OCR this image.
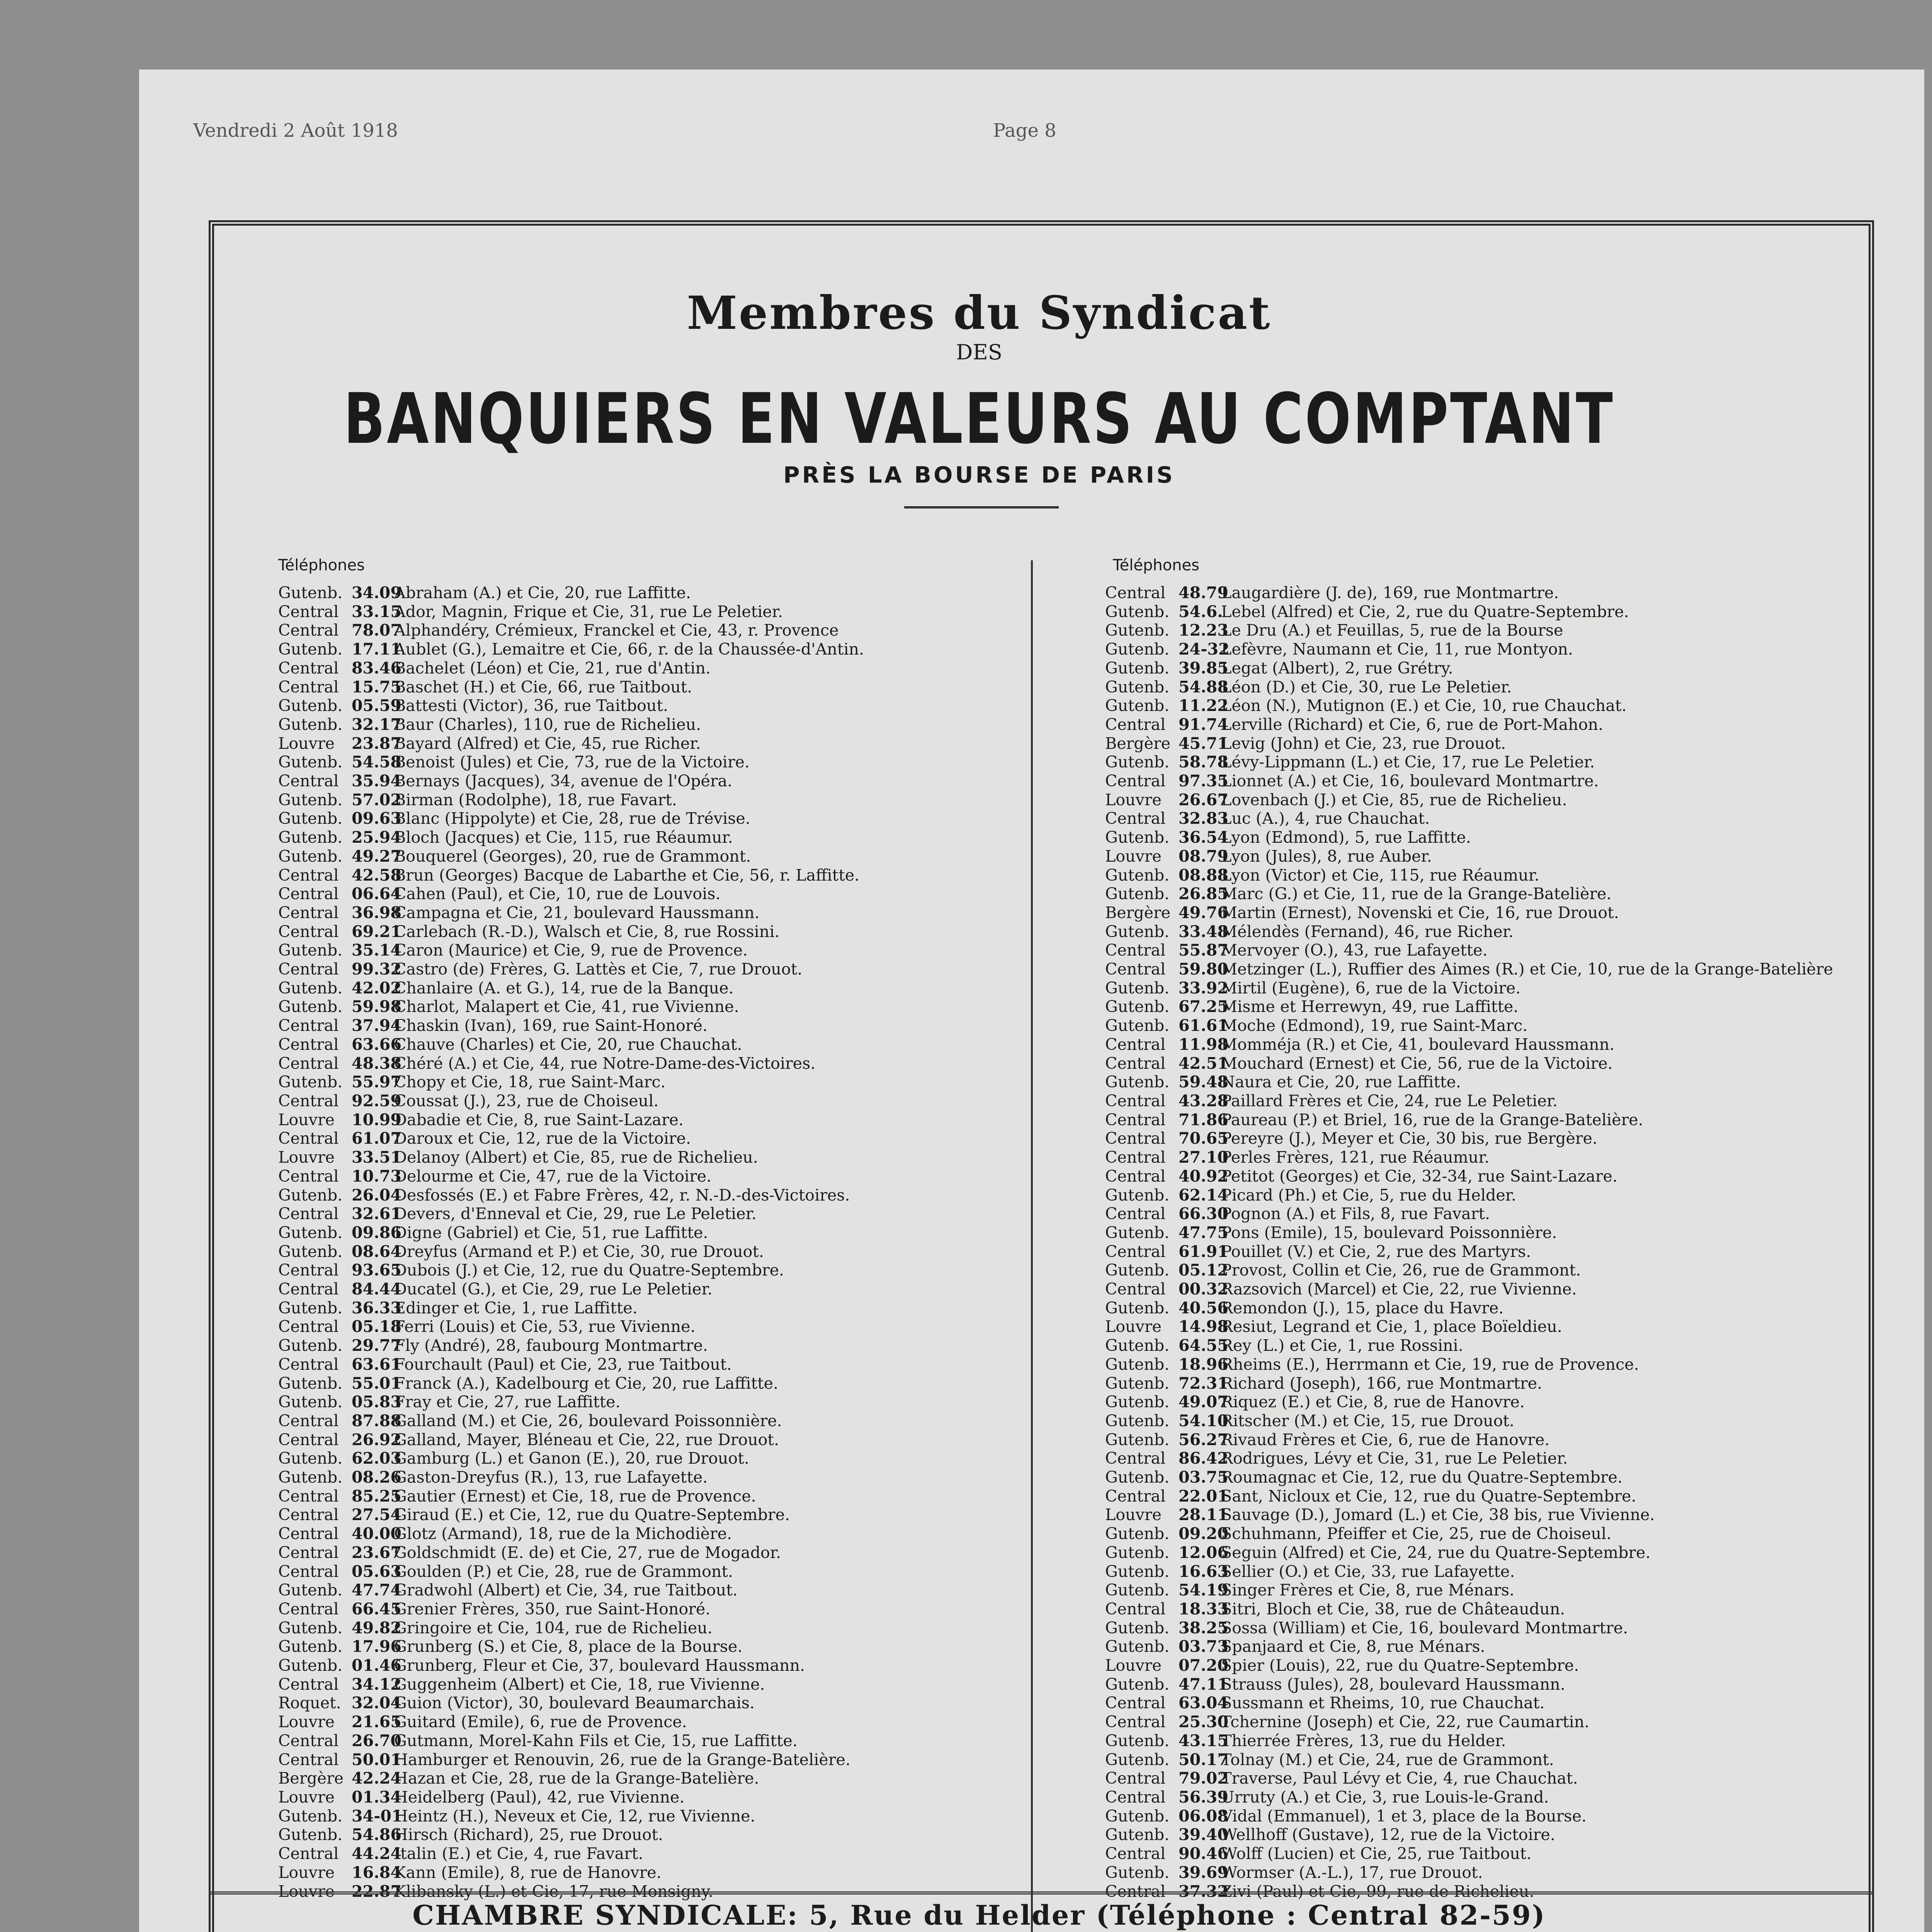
Vendredi 2 Août 1918	Page 8
Membres du Syndicat
DES
BANQUIERS EN VALEURS AU COMPTANT
PRÈS LA BOURSE DE PARIS
Téléphones	Téléphones
Gutenb. 34.09Abraham (A.) et Cie, 20, rue Laffitte.
Central 33.15Ador, Magnin, Frique et Cie, 31, rue Le Peletier.
Central 78.07Alphandéry, Crémieux, Franckel et Cie, 43, r. Provence
Gutenb. 17.11Aublet (G.), Lemaitre et Cie, 66, r. de la Chaussée-d'Antin.
Central 83.46Bachelet (Léon) et Cie, 21, rue d'Antin.
Central 15.75Baschet (H.) et Cie, 66, rue Taitbout.
Gutenb. 05.59Battesti (Victor), 36, rue Taitbout.
Gutenb. 32.17Baur (Charles), 110, rue de Richelieu.
Louvre 23.87Bayard (Alfred) et Cie, 45, rue Richer.
Gutenb. 54.58Benoist (Jules) et Cie, 73, rue de la Victoire.
Central 35.94Bernays (Jacques), 34, avenue de l'Opéra.
Gutenb. 57.02Birman (Rodolphe), 18, rue Favart.
Gutenb. 09.63Blanc (Hippolyte) et Cie, 28, rue de Trévise.
Gutenb. 25.94Bloch (Jacques) et Cie, 115, rue Réaumur.
Gutenb. 49.27Bouquerel (Georges), 20, rue de Grammont.
Central 42.58Brun (Georges) Bacque de Labarthe et Cie, 56, r. Laffitte.
Central 06.64Cahen (Paul), et Cie, 10, rue de Louvois.
Central 36.98Campagna et Cie, 21, boulevard Haussmann.
Central 69.21Carlebach (R.-D.), Walsch et Cie, 8, rue Rossini.
Gutenb. 35.14Caron (Maurice) et Cie, 9, rue de Provence.
Central 99.32Castro (de) Frères, G. Lattès et Cie, 7, rue Drouot.
Gutenb. 42.02Chanlaire (A. et G.), 14, rue de la Banque.
Gutenb. 59.98Charlot, Malapert et Cie, 41, rue Vivienne.
Central 37.94Chaskin (Ivan), 169, rue Saint-Honoré.
Central 63.66Chauve (Charles) et Cie, 20, rue Chauchat.
Central 48.38Chéré (A.) et Cie, 44, rue Notre-Dame-des-Victoires.
Gutenb. 55.97Chopy et Cie, 18, rue Saint-Marc.
Central 92.59Coussat (J.), 23, rue de Choiseul.
Louvre 10.99Dabadie et Cie, 8, rue Saint-Lazare.
Central 61.07Daroux et Cie, 12, rue de la Victoire.
Louvre 33.51Delanoy (Albert) et Cie, 85, rue de Richelieu.
Central 10.73Delourme et Cie, 47, rue de la Victoire.
Gutenb. 26.04Desfossés (E.) et Fabre Frères, 42, r. N.-D.-des-Victoires.
Central 32.61Devers, d'Enneval et Cie, 29, rue Le Peletier.
Gutenb. 09.86Digne (Gabriel) et Cie, 51, rue Laffitte.
Gutenb. 08.64Dreyfus (Armand et P.) et Cie, 30, rue Drouot.
Central 93.65Dubois (J.) et Cie, 12, rue du Quatre-Septembre.
Central 84.44Ducatel (G.), et Cie, 29, rue Le Peletier.
Gutenb. 36.33Edinger et Cie, 1, rue Laffitte.
Central 05.18Ferri (Louis) et Cie, 53, rue Vivienne.
Gutenb. 29.77Fly (André), 28, faubourg Montmartre.
Central 63.61Fourchault (Paul) et Cie, 23, rue Taitbout.
Gutenb. 55.01Franck (A.), Kadelbourg et Cie, 20, rue Laffitte.
Gutenb. 05.83Fray et Cie, 27, rue Laffitte.
Central 87.88Galland (M.) et Cie, 26, boulevard Poissonnière.
Central 26.92Galland, Mayer, Bléneau et Cie, 22, rue Drouot.
Gutenb. 62.03Gamburg (L.) et Ganon (E.), 20, rue Drouot.
Gutenb. 08.26Gaston-Dreyfus (R.), 13, rue Lafayette.
Central 85.25Gautier (Ernest) et Cie, 18, rue de Provence.
Central 27.54Giraud (E.) et Cie, 12, rue du Quatre-Septembre.
Central 40.00Glotz (Armand), 18, rue de la Michodière.
Central 23.67Goldschmidt (E. de) et Cie, 27, rue de Mogador.
Central 05.63Goulden (P.) et Cie, 28, rue de Grammont.
Gutenb. 47.74Gradwohl (Albert) et Cie, 34, rue Taitbout.
Central 66.45Grenier Frères, 350, rue Saint-Honoré.
Gutenb. 49.82Gringoire et Cie, 104, rue de Richelieu.
Gutenb. 17.96Grunberg (S.) et Cie, 8, place de la Bourse.
Gutenb. 01.46Grunberg, Fleur et Cie, 37, boulevard Haussmann.
Central 34.12Guggenheim (Albert) et Cie, 18, rue Vivienne.
Roquet. 32.04Guion (Victor), 30, boulevard Beaumarchais.
Louvre 21.65Guitard (Emile), 6, rue de Provence.
Central 26.70Gutmann, Morel-Kahn Fils et Cie, 15, rue Laffitte.
Central 50.01Hamburger et Renouvin, 26, rue de la Grange-Batelière.
Bergère 42.24Hazan et Cie, 28, rue de la Grange-Batelière.
Louvre 01.34Heidelberg (Paul), 42, rue Vivienne.
Gutenb. 34-01Heintz (H.), Neveux et Cie, 12, rue Vivienne.
Gutenb. 54.86Hirsch (Richard), 25, rue Drouot.
Central 44.24Italin (E.) et Cie, 4, rue Favart.
Louvre 16.84Kann (Emile), 8, rue de Hanovre.
Louvre 22.87Klibansky (L.) et Cie, 17, rue Monsigny.
Central 48.79Laugardière (J. de), 169, rue Montmartre.
Gutenb. 54.6.Lebel (Alfred) et Cie, 2, rue du Quatre-Septembre.
Gutenb. 12.23Le Dru (A.) et Feuillas, 5, rue de la Bourse
Gutenb. 24-32Lefèvre, Naumann et Cie, 11, rue Montyon.
Gutenb. 39.85Legat (Albert), 2, rue Grétry.
Gutenb. 54.88Léon (D.) et Cie, 30, rue Le Peletier.
Gutenb. 11.22Léon (N.), Mutignon (E.) et Cie, 10, rue Chauchat.
Central 91.74Lerville (Richard) et Cie, 6, rue de Port-Mahon.
Bergère 45.71Levig (John) et Cie, 23, rue Drouot.
Gutenb. 58.78Lévy-Lippmann (L.) et Cie, 17, rue Le Peletier.
Central 97.35Lionnet (A.) et Cie, 16, boulevard Montmartre.
Louvre 26.67Lovenbach (J.) et Cie, 85, rue de Richelieu.
Central 32.83Luc (A.), 4, rue Chauchat.
Gutenb. 36.54Lyon (Edmond), 5, rue Laffitte.
Louvre 08.79Lyon (Jules), 8, rue Auber.
Gutenb. 08.88Lyon (Victor) et Cie, 115, rue Réaumur.
Gutenb. 26.85Marc (G.) et Cie, 11, rue de la Grange-Batelière.
Bergère 49.76Martin (Ernest), Novenski et Cie, 16, rue Drouot.
Gutenb. 33.48Mélendès (Fernand), 46, rue Richer.
Central 55.87Mervoyer (O.), 43, rue Lafayette.
Central 59.80Metzinger (L.), Ruffier des Aimes (R.) et Cie, 10, rue de la Grange-Batelière
Gutenb. 33.92Mirtil (Eugène), 6, rue de la Victoire.
Gutenb. 67.25Misme et Herrewyn, 49, rue Laffitte.
Gutenb. 61.61Moche (Edmond), 19, rue Saint-Marc.
Central 11.98Momméja (R.) et Cie, 41, boulevard Haussmann.
Central 42.51Mouchard (Ernest) et Cie, 56, rue de la Victoire.
Gutenb. 59.48Naura et Cie, 20, rue Laffitte.
Central 43.28Paillard Frères et Cie, 24, rue Le Peletier.
Central 71.86Paureau (P.) et Briel, 16, rue de la Grange-Batelière.
Central 70.65Pereyre (J.), Meyer et Cie, 30 bis, rue Bergère.
Central 27.10Perles Frères, 121, rue Réaumur.
Central 40.92Petitot (Georges) et Cie, 32-34, rue Saint-Lazare.
Gutenb. 62.14Picard (Ph.) et Cie, 5, rue du Helder.
Central 66.30Pognon (A.) et Fils, 8, rue Favart.
Gutenb. 47.75Pons (Emile), 15, boulevard Poissonnière.
Central 61.91Pouillet (V.) et Cie, 2, rue des Martyrs.
Gutenb. 05.12Provost, Collin et Cie, 26, rue de Grammont.
Central 00.32Razsovich (Marcel) et Cie, 22, rue Vivienne.
Gutenb. 40.56Remondon (J.), 15, place du Havre.
Louvre 14.98Resiut, Legrand et Cie, 1, place Boïeldieu.
Gutenb. 64.55Rey (L.) et Cie, 1, rue Rossini.
Gutenb. 18.96Rheims (E.), Herrmann et Cie, 19, rue de Provence.
Gutenb. 72.31Richard (Joseph), 166, rue Montmartre.
Gutenb. 49.07Riquez (E.) et Cie, 8, rue de Hanovre.
Gutenb. 54.10Ritscher (M.) et Cie, 15, rue Drouot.
Gutenb. 56.27Rivaud Frères et Cie, 6, rue de Hanovre.
Central 86.42Rodrigues, Lévy et Cie, 31, rue Le Peletier.
Gutenb. 03.75Roumagnac et Cie, 12, rue du Quatre-Septembre.
Central 22.01Sant, Nicloux et Cie, 12, rue du Quatre-Septembre.
Louvre 28.11Sauvage (D.), Jomard (L.) et Cie, 38 bis, rue Vivienne.
Gutenb. 09.20Schuhmann, Pfeiffer et Cie, 25, rue de Choiseul.
Gutenb. 12.06Seguin (Alfred) et Cie, 24, rue du Quatre-Septembre.
Gutenb. 16.63Sellier (O.) et Cie, 33, rue Lafayette.
Gutenb. 54.19Singer Frères et Cie, 8, rue Ménars.
Central 18.33Sitri, Bloch et Cie, 38, rue de Châteaudun.
Gutenb. 38.25Sossa (William) et Cie, 16, boulevard Montmartre.
Gutenb. 03.73Spanjaard et Cie, 8, rue Ménars.
Louvre 07.20Spier (Louis), 22, rue du Quatre-Septembre.
Gutenb. 47.11Strauss (Jules), 28, boulevard Haussmann.
Central 63.04Sussmann et Rheims, 10, rue Chauchat.
Central 25.30Tchernine (Joseph) et Cie, 22, rue Caumartin.
Gutenb. 43.15Thierrée Frères, 13, rue du Helder.
Gutenb. 50.17Tolnay (M.) et Cie, 24, rue de Grammont.
Central 79.02Traverse, Paul Lévy et Cie, 4, rue Chauchat.
Central 56.39Urruty (A.) et Cie, 3, rue Louis-le-Grand.
Gutenb. 06.08Vidal (Emmanuel), 1 et 3, place de la Bourse.
Gutenb. 39.40Wellhoff (Gustave), 12, rue de la Victoire.
Central 90.46Wolff (Lucien) et Cie, 25, rue Taitbout.
Gutenb. 39.69Wormser (A.-L.), 17, rue Drouot.
Central 37.32Zivi (Paul) et Cie, 99, rue de Richelieu.
CHAMBRE SYNDICALE: 5, Rue du Helder (Téléphone : Central 82-59)
